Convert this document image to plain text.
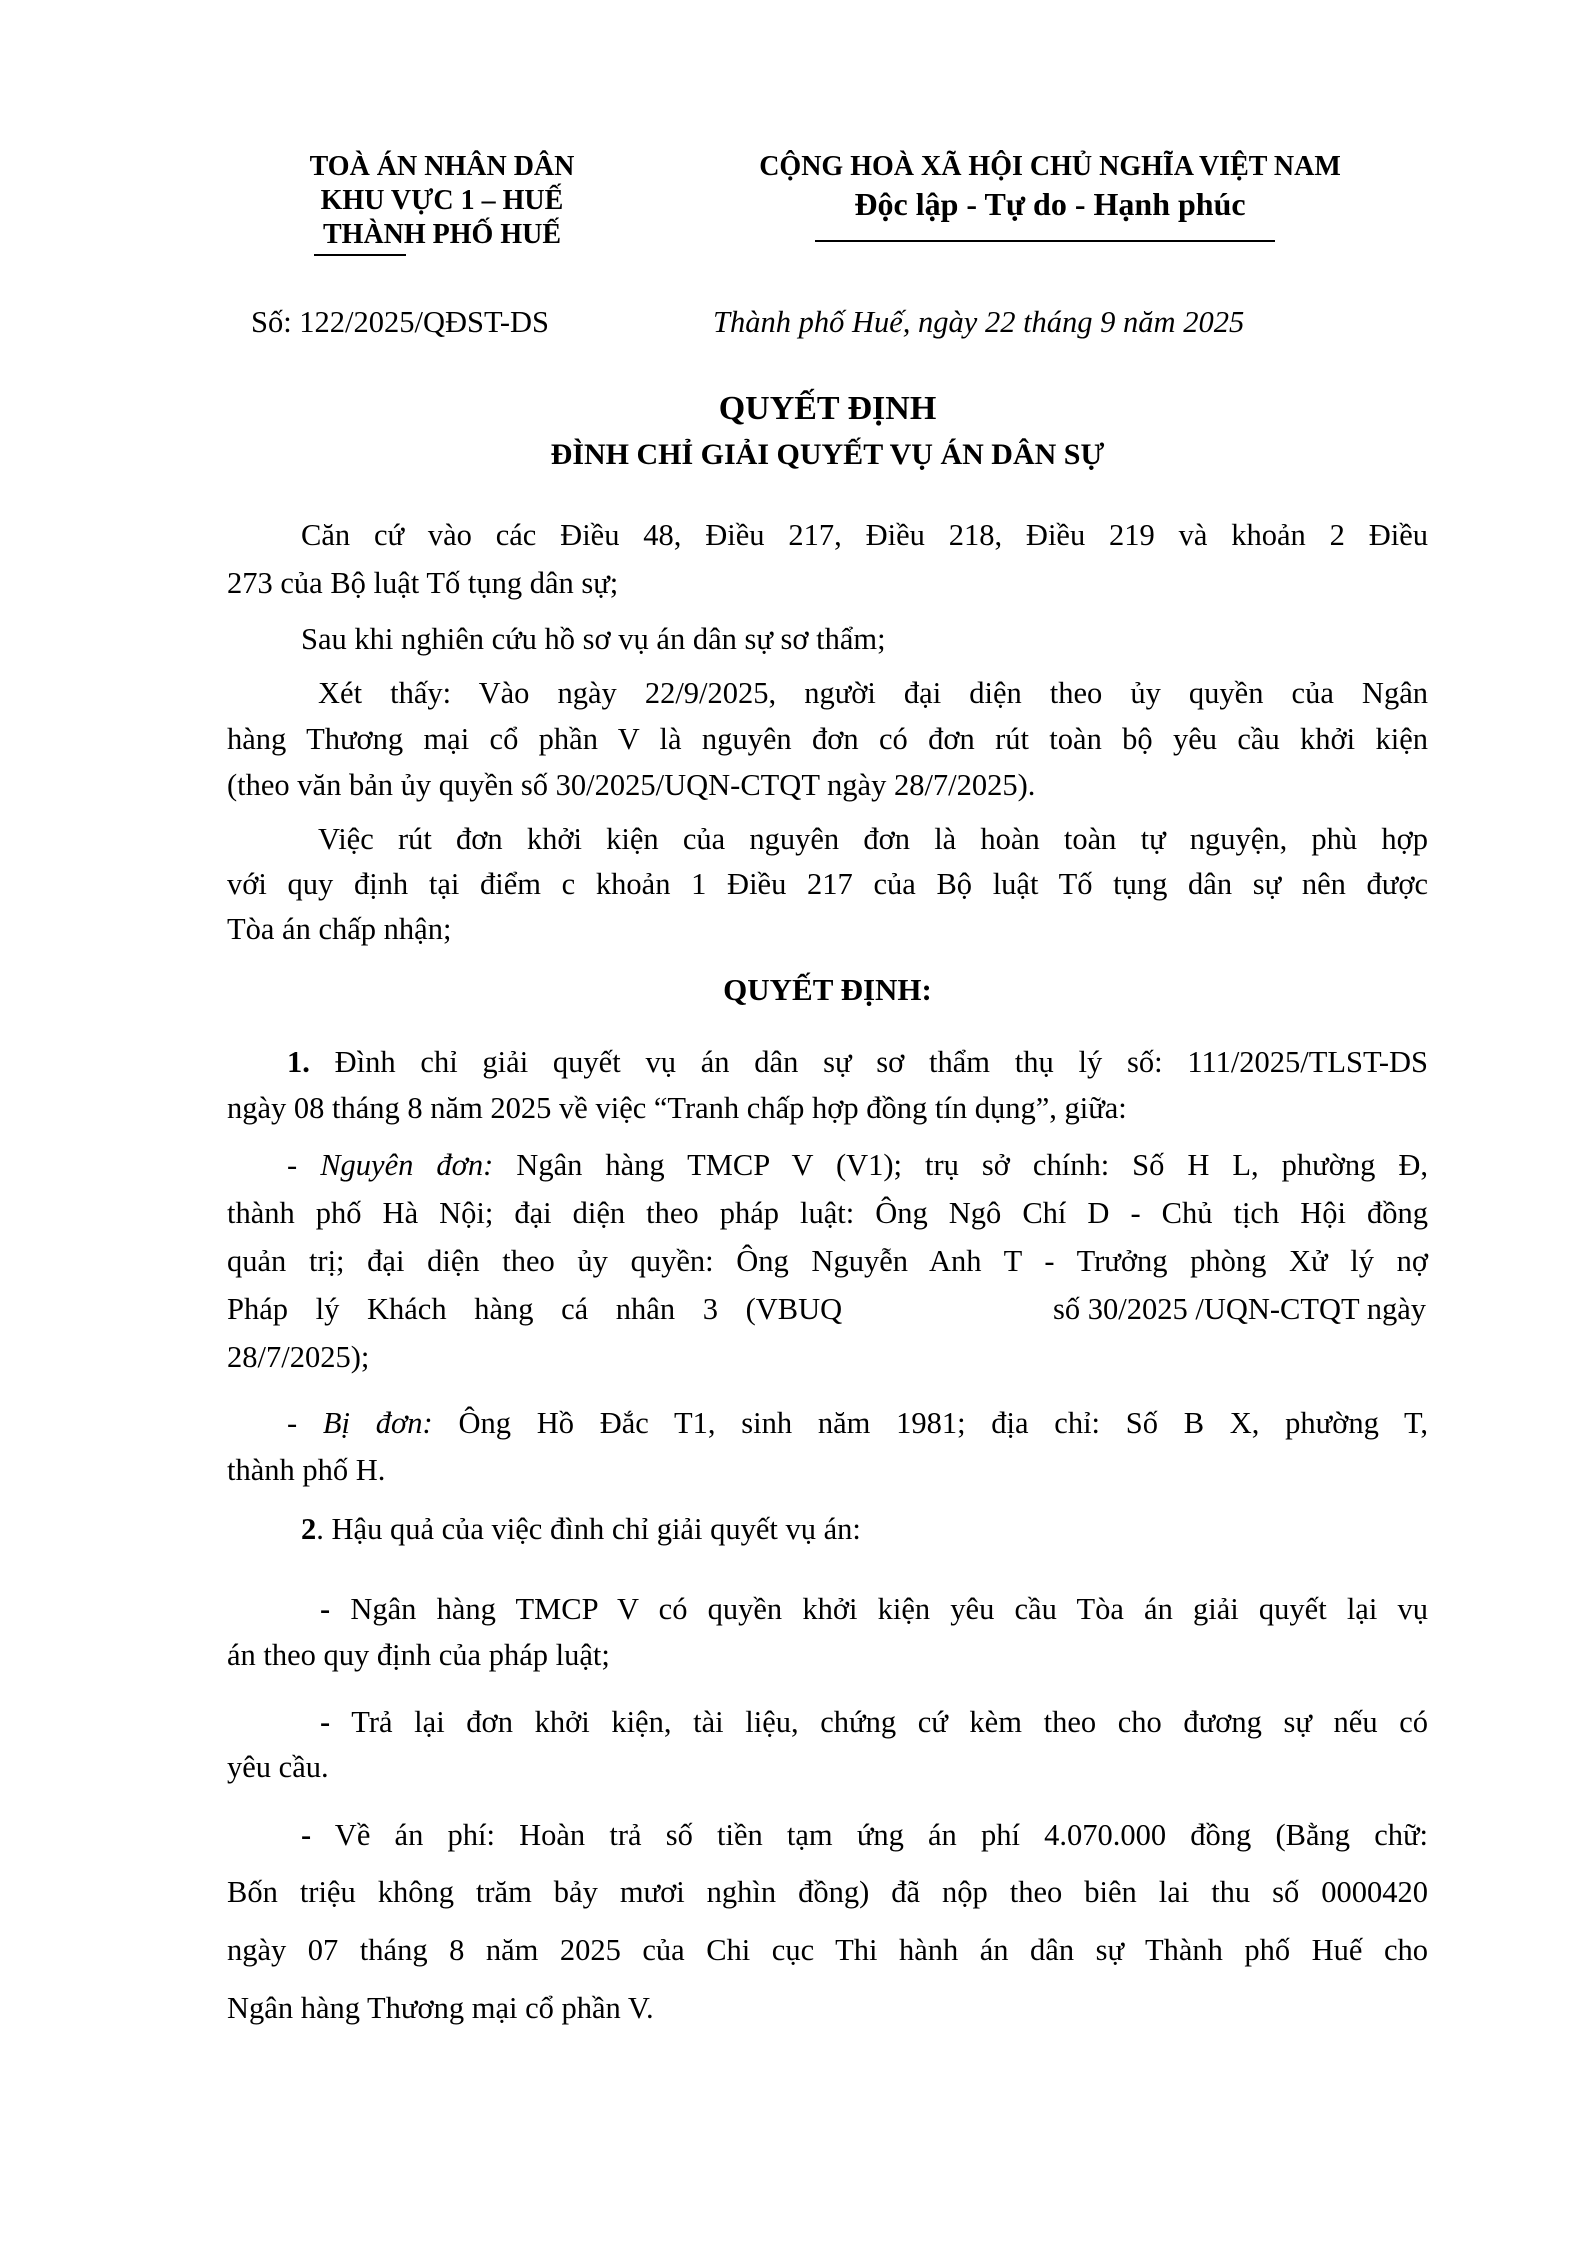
TOÀ ÁN NHÂN DÂN
KHU VỰC 1 – HUẾ
THÀNH PHỐ HUẾ
CỘNG HOÀ XÃ HỘI CHỦ NGHĨA VIỆT NAM
Độc lập - Tự do - Hạnh phúc
Số: 122/2025/QĐST-DS	Thành phố Huế, ngày 22 tháng 9 năm 2025
QUYẾT ĐỊNH
ĐÌNH CHỈ GIẢI QUYẾT VỤ ÁN DÂN SỰ
Căn cứ vào các Điều 48, Điều 217, Điều 218, Điều 219 và khoản 2 Điều
273 của Bộ luật Tố tụng dân sự;
Sau khi nghiên cứu hồ sơ vụ án dân sự sơ thẩm;
Xét thấy: Vào ngày 22/9/2025, người đại diện theo ủy quyền của Ngân
hàng Thương mại cổ phần V là nguyên đơn có đơn rút toàn bộ yêu cầu khởi kiện
(theo văn bản ủy quyền số 30/2025/UQN-CTQT ngày 28/7/2025).
Việc rút đơn khởi kiện của nguyên đơn là hoàn toàn tự nguyện, phù hợp
với quy định tại điểm c khoản 1 Điều 217 của Bộ luật Tố tụng dân sự nên được
Tòa án chấp nhận;
QUYẾT ĐỊNH:
1. Đình chỉ giải quyết vụ án dân sự sơ thẩm thụ lý số: 111/2025/TLST-DS
ngày 08 tháng 8 năm 2025 về việc “Tranh chấp hợp đồng tín dụng”, giữa:
- Nguyên đơn: Ngân hàng TMCP V (V1); trụ sở chính: Số H L, phường Đ,
thành phố Hà Nội; đại diện theo pháp luật: Ông Ngô Chí D - Chủ tịch Hội đồng
quản trị; đại diện theo ủy quyền: Ông Nguyễn Anh T - Trưởng phòng Xử lý nợ
Pháp lý Khách hàng cá nhân 3 (VBUQ	số 30/2025 /UQN-CTQT ngày
28/7/2025);
- Bị đơn: Ông Hồ Đắc T1, sinh năm 1981; địa chỉ: Số B X, phường T,
thành phố H.
2. Hậu quả của việc đình chỉ giải quyết vụ án:
- Ngân hàng TMCP V có quyền khởi kiện yêu cầu Tòa án giải quyết lại vụ
án theo quy định của pháp luật;
- Trả lại đơn khởi kiện, tài liệu, chứng cứ kèm theo cho đương sự nếu có
yêu cầu.
- Về án phí: Hoàn trả số tiền tạm ứng án phí 4.070.000 đồng (Bằng chữ:
Bốn triệu không trăm bảy mươi nghìn đồng) đã nộp theo biên lai thu số 0000420
ngày 07 tháng 8 năm 2025 của Chi cục Thi hành án dân sự Thành phố Huế cho
Ngân hàng Thương mại cổ phần V.
